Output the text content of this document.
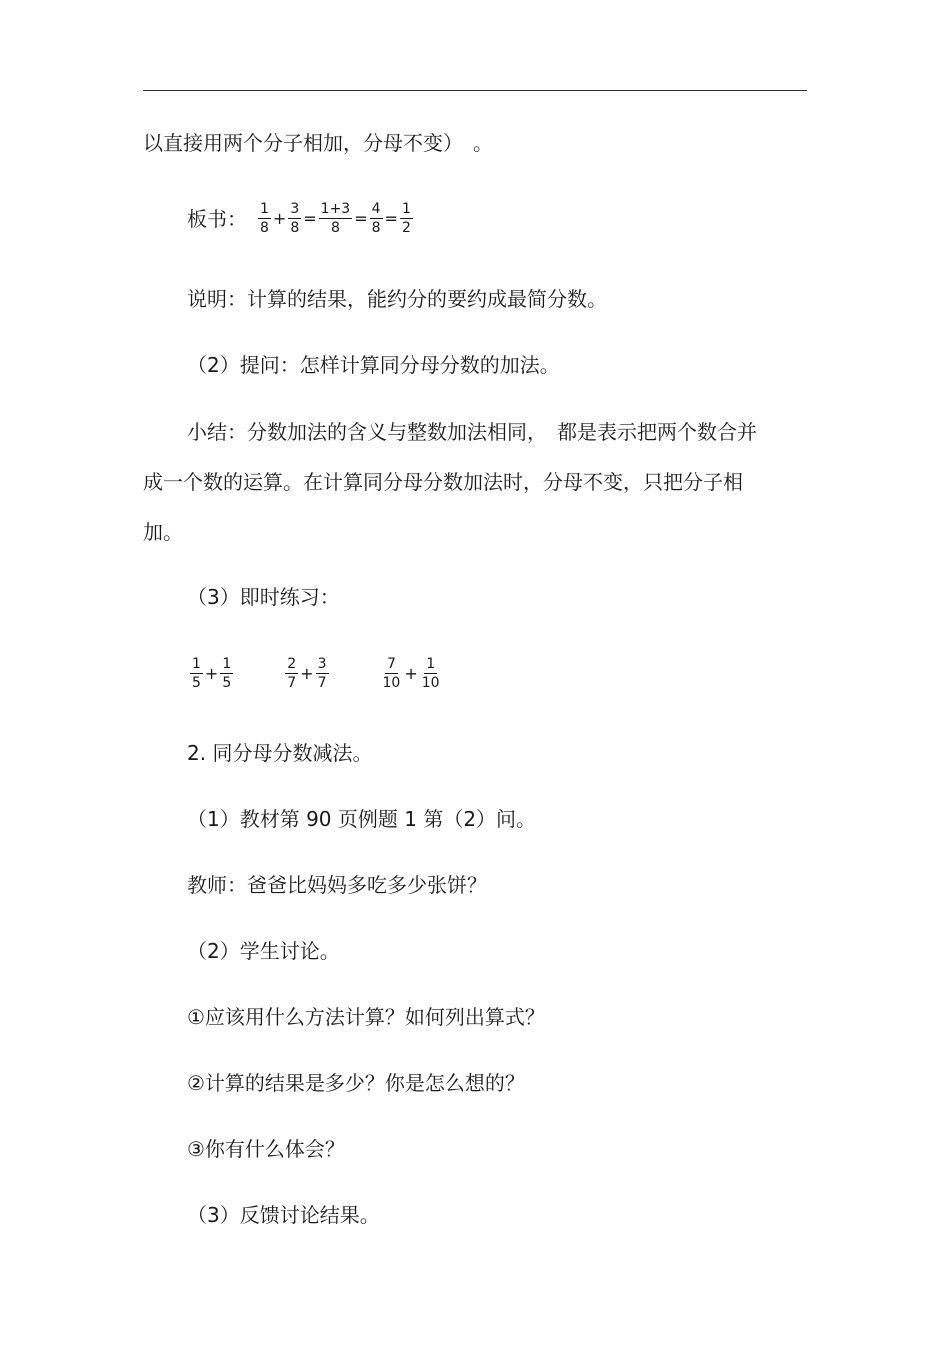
以直接用两个分子相加，分母不变）　。
板书： $\frac{1}{8} + \frac{3}{8} = \frac{1+3}{8} = \frac{4}{8} = \frac{1}{2}$
说明：计算的结果，能约分的要约成最简分数。
（2）提问：怎样计算同分母分数的加法。
小结：分数加法的含义与整数加法相同，　都是表示把两个数合并
成一个数的运算。在计算同分母分数加法时，分母不变，只把分子相
加。
（3）即时练习：
$\frac{1}{5} + \frac{1}{5}$	$\frac{2}{7} + \frac{3}{7}$	$\frac{7}{10} + \frac{1}{10}$
2. 同分母分数减法。
（1）教材第 90 页例题 1 第（2）问。
教师：爸爸比妈妈多吃多少张饼？
（2）学生讨论。
①应该用什么方法计算？如何列出算式？
②计算的结果是多少？你是怎么想的？
③你有什么体会？
（3）反馈讨论结果。
